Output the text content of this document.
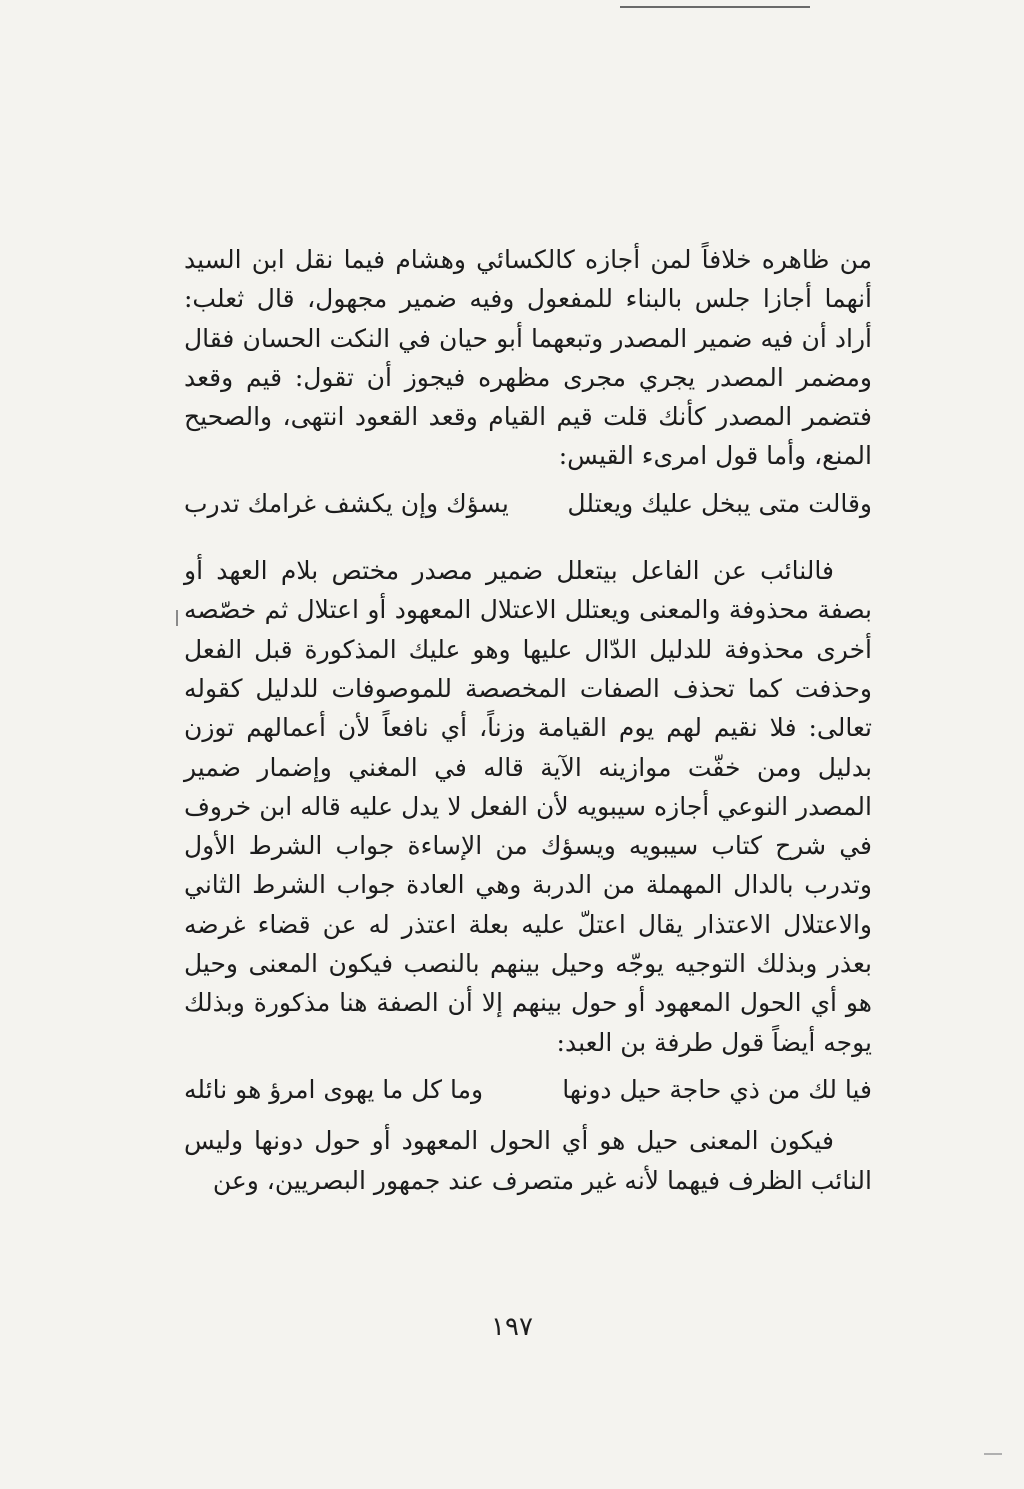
من ظاهره خلافاً لمن أجازه كالكسائي وهشام فيما نقل ابن السيد أنهما أجازا جلس بالبناء للمفعول وفيه ضمير مجهول، قال ثعلب: أراد أن فيه ضمير المصدر وتبعهما أبو حيان في النكت الحسان فقال ومضمر المصدر يجري مجرى مظهره فيجوز أن تقول: قيم وقعد فتضمر المصدر كأنك قلت قيم القيام وقعد القعود انتهى، والصحيح المنع، وأما قول امرىء القيس:

وقالت متى يبخل عليك ويعتلل
يسؤك وإن يكشف غرامك تدرب

فالنائب عن الفاعل بيتعلل ضمير مصدر مختص بلام العهد أو بصفة محذوفة والمعنى ويعتلل الاعتلال المعهود أو اعتلال ثم خصّصه أخرى محذوفة للدليل الدّال عليها وهو عليك المذكورة قبل الفعل وحذفت كما تحذف الصفات المخصصة للموصوفات للدليل كقوله تعالى: فلا نقيم لهم يوم القيامة وزناً، أي نافعاً لأن أعمالهم توزن بدليل ومن خفّت موازينه الآية قاله في المغني وإضمار ضمير المصدر النوعي أجازه سيبويه لأن الفعل لا يدل عليه قاله ابن خروف في شرح كتاب سيبويه ويسؤك من الإساءة جواب الشرط الأول وتدرب بالدال المهملة من الدربة وهي العادة جواب الشرط الثاني والاعتلال الاعتذار يقال اعتلّ عليه بعلة اعتذر له عن قضاء غرضه بعذر وبذلك التوجيه يوجّه وحيل بينهم بالنصب فيكون المعنى وحيل هو أي الحول المعهود أو حول بينهم إلا أن الصفة هنا مذكورة وبذلك يوجه أيضاً قول طرفة بن العبد:

فيا لك من ذي حاجة حيل دونها
وما كل ما يهوى امرؤ هو نائله

فيكون المعنى حيل هو أي الحول المعهود أو حول دونها وليس النائب الظرف فيهما لأنه غير متصرف عند جمهور البصريين، وعن

١٩٧
